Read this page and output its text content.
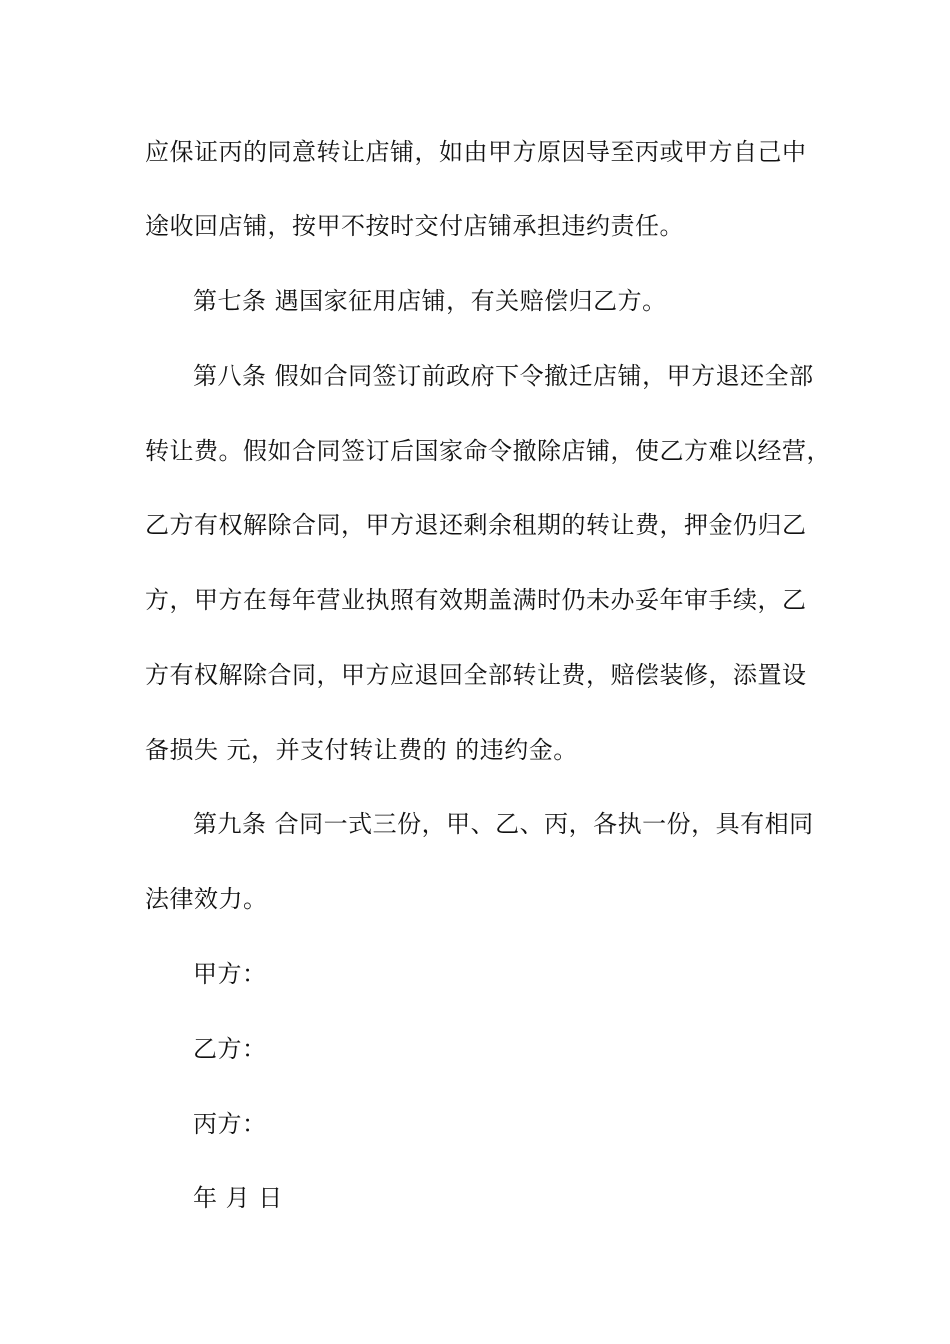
应保证丙的同意转让店铺，如由甲方原因导至丙或甲方自己中
途收回店铺，按甲不按时交付店铺承担违约责任。
第七条 遇国家征用店铺，有关赔偿归乙方。
第八条 假如合同签订前政府下令撤迁店铺，甲方退还全部
转让费。假如合同签订后国家命令撤除店铺，使乙方难以经营，
乙方有权解除合同，甲方退还剩余租期的转让费，押金仍归乙
方，甲方在每年营业执照有效期盖满时仍未办妥年审手续，乙
方有权解除合同，甲方应退回全部转让费，赔偿装修，添置设
备损失 元，并支付转让费的 的违约金。
第九条 合同一式三份，甲、乙、丙，各执一份，具有相同
法律效力。
甲方：
乙方：
丙方：
年 月 日
